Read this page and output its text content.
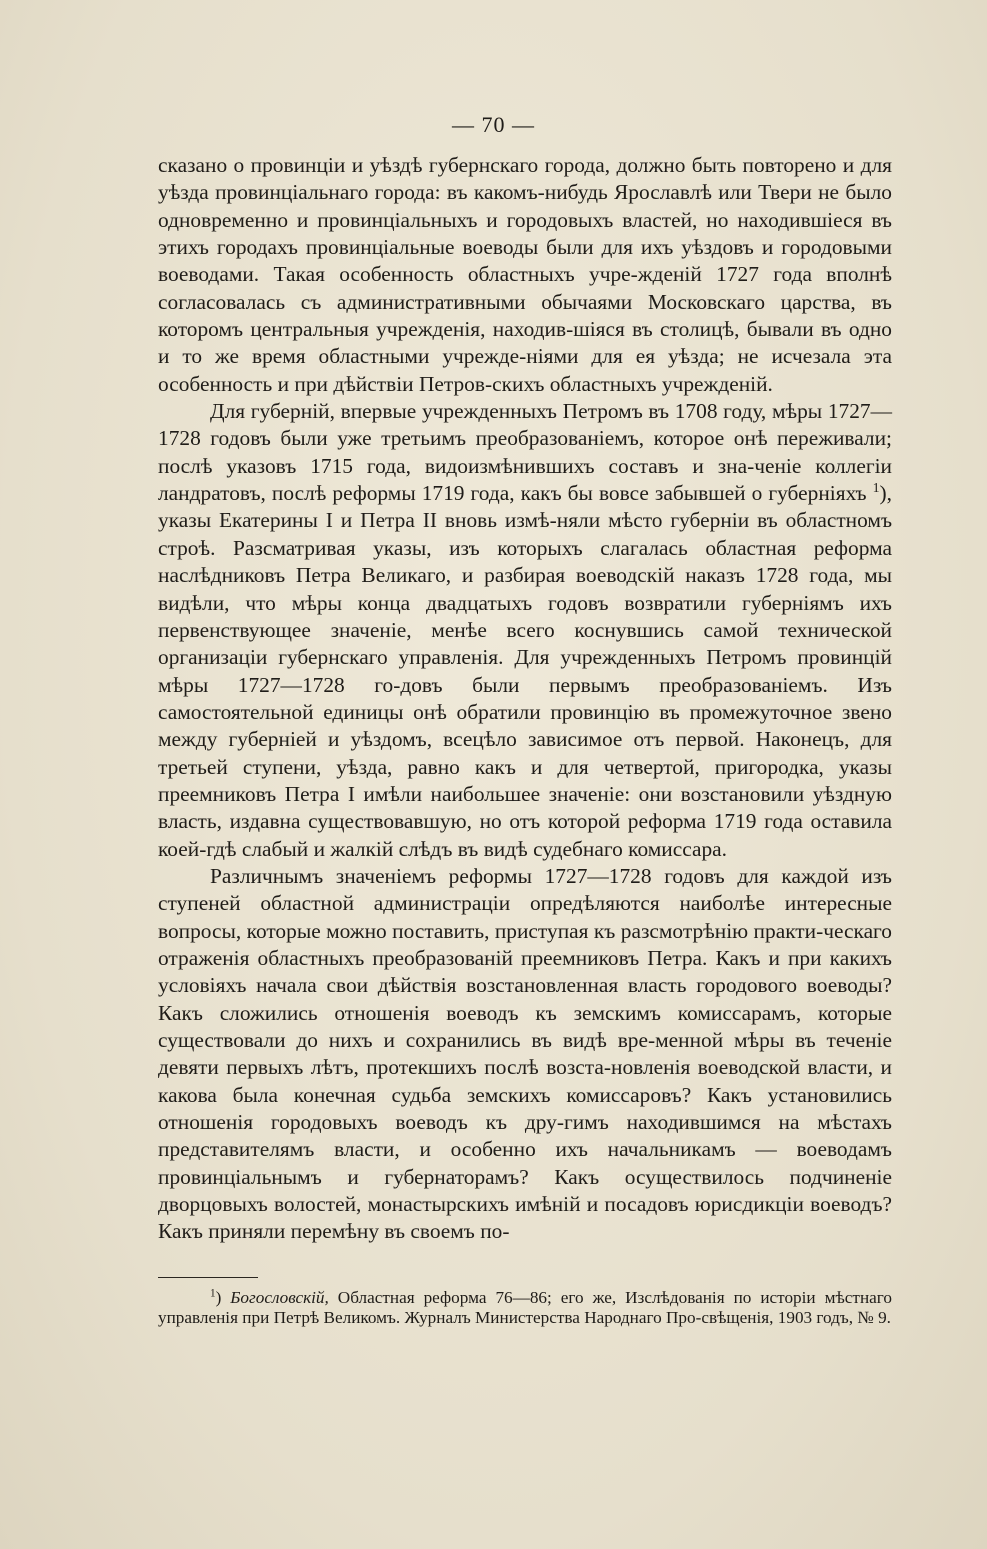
— 70 —

сказано о провинціи и уѣздѣ губернскаго города, должно быть повторено и для уѣзда провинціальнаго города: въ какомъ-нибудь Ярославлѣ или Твери не было одновременно и провинціальныхъ и городовыхъ властей, но находившіеся въ этихъ городахъ провинціальные воеводы были для ихъ уѣздовъ и городовыми воеводами. Такая особенность областныхъ учре-жденій 1727 года вполнѣ согласовалась съ административными обычаями Московскаго царства, въ которомъ центральныя учрежденія, находив-шіяся въ столицѣ, бывали въ одно и то же время областными учрежде-ніями для ея уѣзда; не исчезала эта особенность и при дѣйствіи Петров-скихъ областныхъ учрежденій.

Для губерній, впервые учрежденныхъ Петромъ въ 1708 году, мѣры 1727—1728 годовъ были уже третьимъ преобразованіемъ, которое онѣ переживали; послѣ указовъ 1715 года, видоизмѣнившихъ составъ и зна-ченіе коллегіи ландратовъ, послѣ реформы 1719 года, какъ бы вовсе забывшей о губерніяхъ $^1$), указы Екатерины I и Петра II вновь измѣ-няли мѣсто губерніи въ областномъ строѣ. Разсматривая указы, изъ которыхъ слагалась областная реформа наслѣдниковъ Петра Великаго, и разбирая воеводскій наказъ 1728 года, мы видѣли, что мѣры конца двадцатыхъ годовъ возвратили губерніямъ ихъ первенствующее значеніе, менѣе всего коснувшись самой технической организаціи губернскаго управленія. Для учрежденныхъ Петромъ провинцій мѣры 1727—1728 го-довъ были первымъ преобразованіемъ. Изъ самостоятельной единицы онѣ обратили провинцію въ промежуточное звено между губерніей и уѣздомъ, всецѣло зависимое отъ первой. Наконецъ, для третьей ступени, уѣзда, равно какъ и для четвертой, пригородка, указы преемниковъ Петра I имѣли наибольшее значеніе: они возстановили уѣздную власть, издавна существовавшую, но отъ которой реформа 1719 года оставила коей-гдѣ слабый и жалкій слѣдъ въ видѣ судебнаго комиссара.

Различнымъ значеніемъ реформы 1727—1728 годовъ для каждой изъ ступеней областной администраціи опредѣляются наиболѣе интересные вопросы, которые можно поставить, приступая къ разсмотрѣнію практи-ческаго отраженія областныхъ преобразованій преемниковъ Петра. Какъ и при какихъ условіяхъ начала свои дѣйствія возстановленная власть городового воеводы? Какъ сложились отношенія воеводъ къ земскимъ комиссарамъ, которые существовали до нихъ и сохранились въ видѣ вре-менной мѣры въ теченіе девяти первыхъ лѣтъ, протекшихъ послѣ возста-новленія воеводской власти, и какова была конечная судьба земскихъ комиссаровъ? Какъ установились отношенія городовыхъ воеводъ къ дру-гимъ находившимся на мѣстахъ представителямъ власти, и особенно ихъ начальникамъ — воеводамъ провинціальнымъ и губернаторамъ? Какъ осуществилось подчиненіе дворцовыхъ волостей, монастырскихъ имѣній и посадовъ юрисдикціи воеводъ? Какъ приняли перемѣну въ своемъ по-

$^1$) Богословскій, Областная реформа 76—86; его же, Изслѣдованія по исторіи мѣстнаго управленія при Петрѣ Великомъ. Журналъ Министерства Народнаго Про-свѣщенія, 1903 годъ, № 9.
